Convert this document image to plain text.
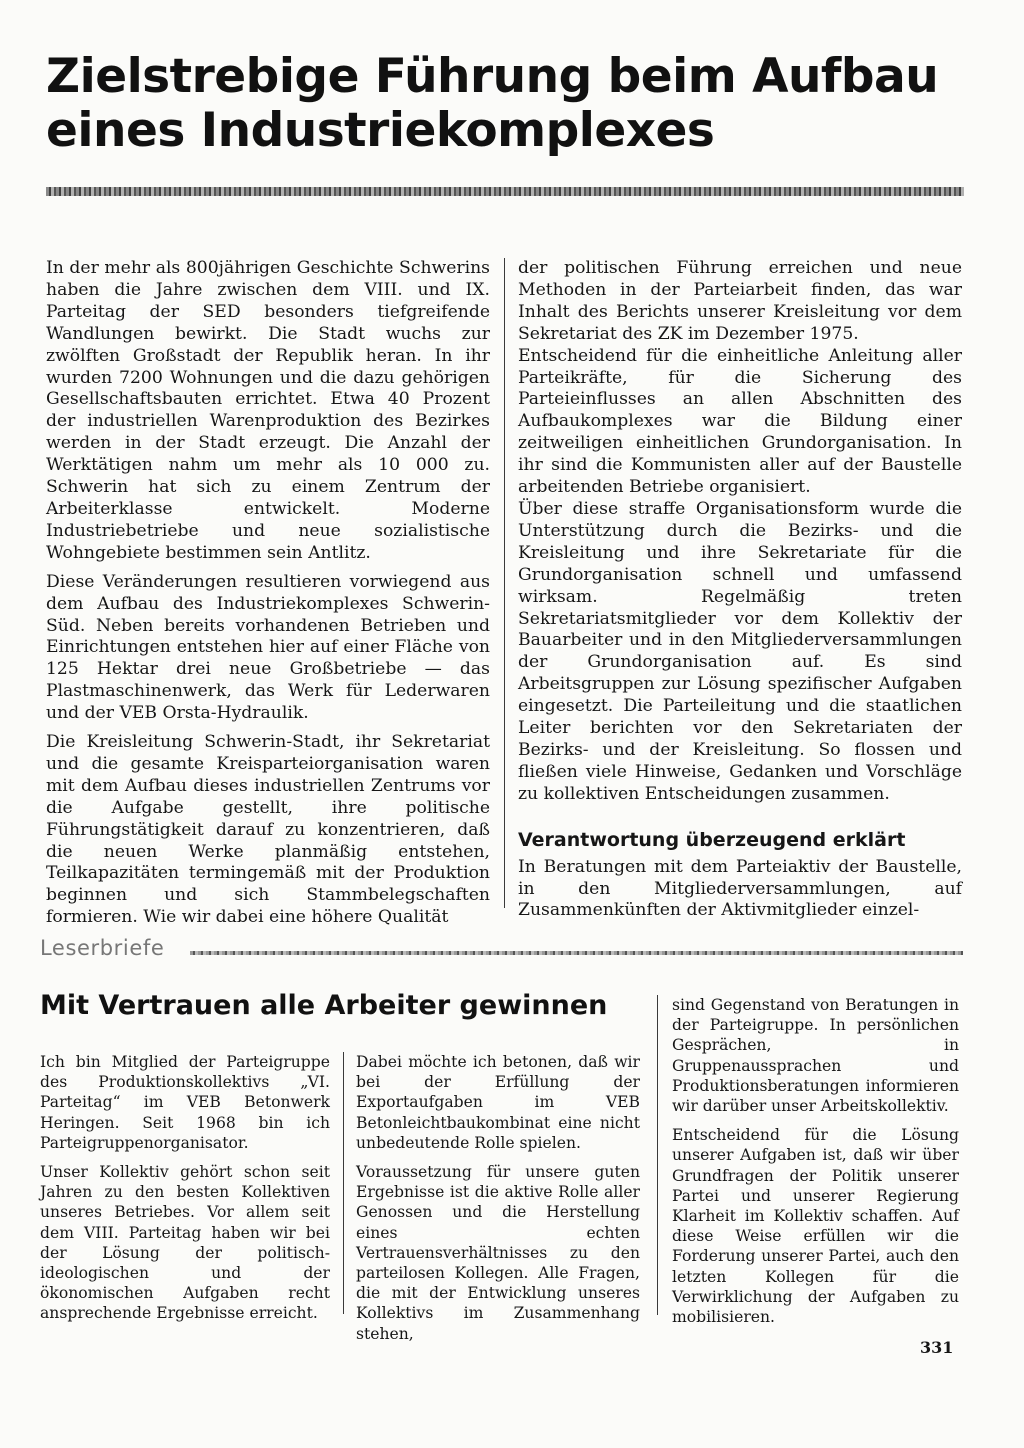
Zielstrebige Führung beim Aufbau eines Industriekomplexes

In der mehr als 800jährigen Geschichte Schwerins haben die Jahre zwischen dem VIII. und IX. Parteitag der SED besonders tiefgreifende Wandlungen bewirkt. Die Stadt wuchs zur zwölften Großstadt der Republik heran. In ihr wurden 7200 Wohnungen und die dazu gehörigen Gesellschaftsbauten errichtet. Etwa 40 Prozent der industriellen Warenproduktion des Bezirkes werden in der Stadt erzeugt. Die Anzahl der Werktätigen nahm um mehr als 10 000 zu. Schwerin hat sich zu einem Zentrum der Arbeiterklasse entwickelt. Moderne Industriebetriebe und neue sozialistische Wohngebiete bestimmen sein Antlitz.

Diese Veränderungen resultieren vorwiegend aus dem Aufbau des Industriekomplexes Schwerin-Süd. Neben bereits vorhandenen Betrieben und Einrichtungen entstehen hier auf einer Fläche von 125 Hektar drei neue Großbetriebe — das Plastmaschinenwerk, das Werk für Lederwaren und der VEB Orsta-Hydraulik.

Die Kreisleitung Schwerin-Stadt, ihr Sekretariat und die gesamte Kreisparteiorganisation waren mit dem Aufbau dieses industriellen Zentrums vor die Aufgabe gestellt, ihre politische Führungstätigkeit darauf zu konzentrieren, daß die neuen Werke planmäßig entstehen, Teilkapazitäten termingemäß mit der Produktion beginnen und sich Stammbelegschaften formieren. Wie wir dabei eine höhere Qualität

der politischen Führung erreichen und neue Methoden in der Parteiarbeit finden, das war Inhalt des Berichts unserer Kreisleitung vor dem Sekretariat des ZK im Dezember 1975.

Entscheidend für die einheitliche Anleitung aller Parteikräfte, für die Sicherung des Parteieinflusses an allen Abschnitten des Aufbaukomplexes war die Bildung einer zeitweiligen einheitlichen Grundorganisation. In ihr sind die Kommunisten aller auf der Baustelle arbeitenden Betriebe organisiert.

Über diese straffe Organisationsform wurde die Unterstützung durch die Bezirks- und die Kreisleitung und ihre Sekretariate für die Grundorganisation schnell und umfassend wirksam. Regelmäßig treten Sekretariatsmitglieder vor dem Kollektiv der Bauarbeiter und in den Mitgliederversammlungen der Grundorganisation auf. Es sind Arbeitsgruppen zur Lösung spezifischer Aufgaben eingesetzt. Die Parteileitung und die staatlichen Leiter berichten vor den Sekretariaten der Bezirks- und der Kreisleitung. So flossen und fließen viele Hinweise, Gedanken und Vorschläge zu kollektiven Entscheidungen zusammen.

Verantwortung überzeugend erklärt

In Beratungen mit dem Parteiaktiv der Baustelle, in den Mitgliederversammlungen, auf Zusammenkünften der Aktivmitglieder einzel-

Leserbriefe
Mit Vertrauen alle Arbeiter gewinnen

Ich bin Mitglied der Parteigruppe des Produktionskollektivs „VI. Parteitag“ im VEB Betonwerk Heringen. Seit 1968 bin ich Parteigruppenorganisator.

Unser Kollektiv gehört schon seit Jahren zu den besten Kollektiven unseres Betriebes. Vor allem seit dem VIII. Parteitag haben wir bei der Lösung der politisch-ideologischen und der ökonomischen Aufgaben recht ansprechende Ergebnisse erreicht.

Dabei möchte ich betonen, daß wir bei der Erfüllung der Exportaufgaben im VEB Betonleichtbaukombinat eine nicht unbedeutende Rolle spielen.

Voraussetzung für unsere guten Ergebnisse ist die aktive Rolle aller Genossen und die Herstellung eines echten Vertrauensverhältnisses zu den parteilosen Kollegen. Alle Fragen, die mit der Entwicklung unseres Kollektivs im Zusammenhang stehen,

sind Gegenstand von Beratungen in der Parteigruppe. In persönlichen Gesprächen, in Gruppenaussprachen und Produktionsberatungen informieren wir darüber unser Arbeitskollektiv.

Entscheidend für die Lösung unserer Aufgaben ist, daß wir über Grundfragen der Politik unserer Partei und unserer Regierung Klarheit im Kollektiv schaffen. Auf diese Weise erfüllen wir die Forderung unserer Partei, auch den letzten Kollegen für die Verwirklichung der Aufgaben zu mobilisieren.

331
